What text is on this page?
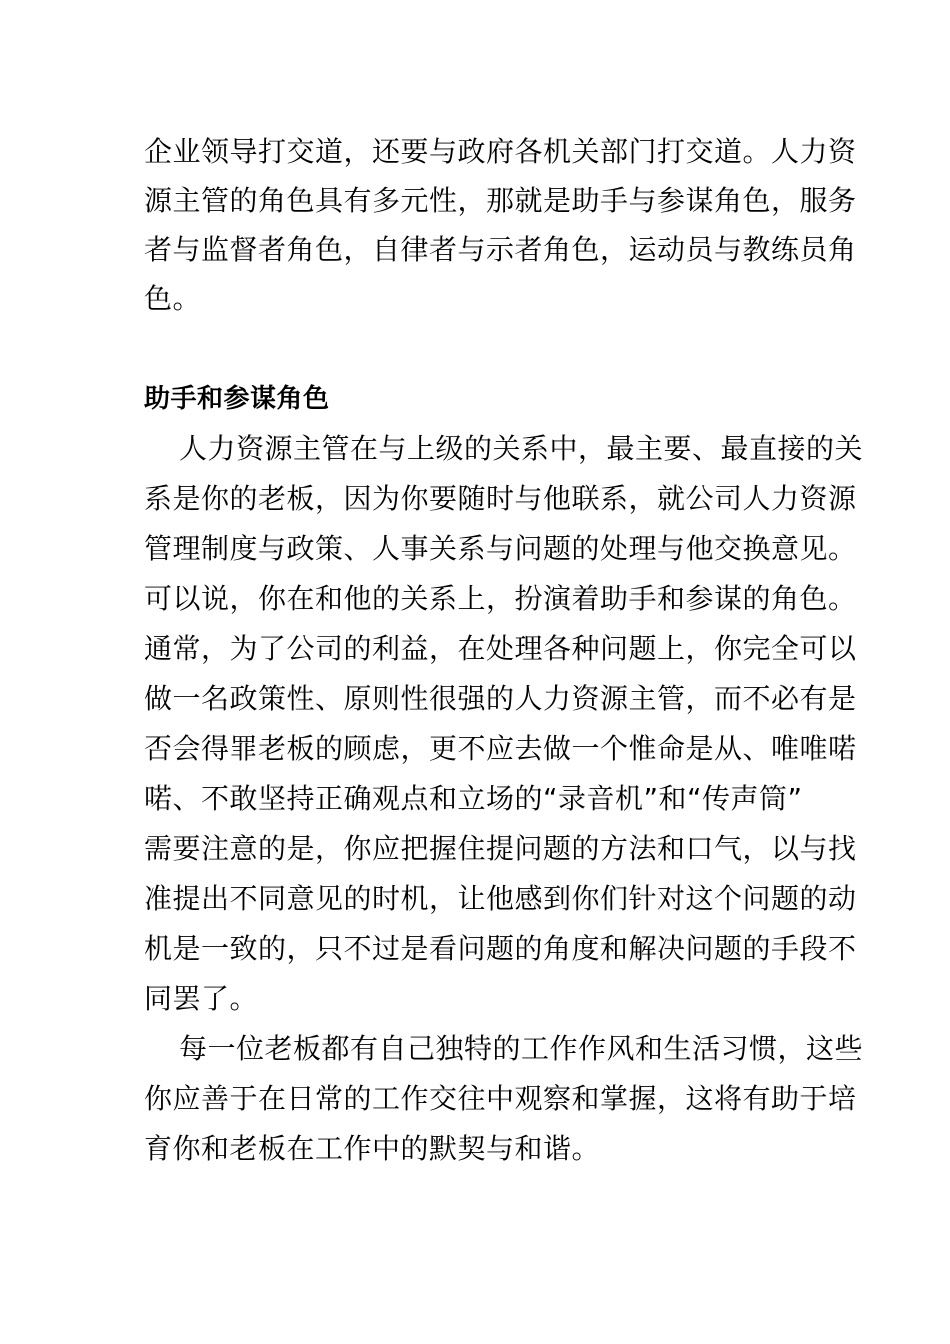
企业领导打交道，还要与政府各机关部门打交道。人力资
源主管的角色具有多元性，那就是助手与参谋角色，服务
者与监督者角色，自律者与示者角色，运动员与教练员角
色。
助手和参谋角色
人力资源主管在与上级的关系中，最主要、最直接的关
系是你的老板，因为你要随时与他联系，就公司人力资源
管理制度与政策、人事关系与问题的处理与他交换意见。
可以说，你在和他的关系上，扮演着助手和参谋的角色。
通常，为了公司的利益，在处理各种问题上，你完全可以
做一名政策性、原则性很强的人力资源主管，而不必有是
否会得罪老板的顾虑，更不应去做一个惟命是从、唯唯喏
喏、不敢坚持正确观点和立场的“录音机”和“传声筒”
需要注意的是，你应把握住提问题的方法和口气，以与找
准提出不同意见的时机，让他感到你们针对这个问题的动
机是一致的，只不过是看问题的角度和解决问题的手段不
同罢了。
每一位老板都有自己独特的工作作风和生活习惯，这些
你应善于在日常的工作交往中观察和掌握，这将有助于培
育你和老板在工作中的默契与和谐。
